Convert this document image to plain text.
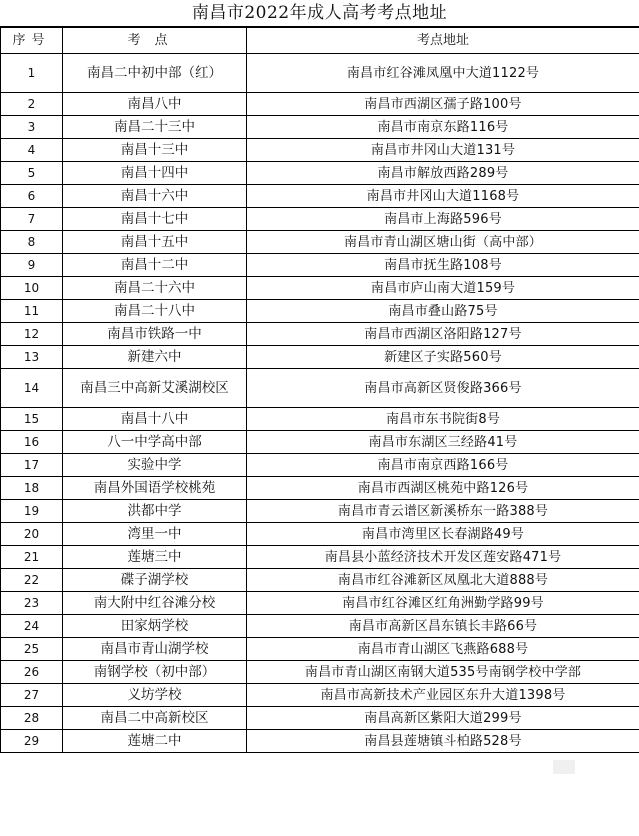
南昌市2022年成人高考考点地址
序号	考点	考点地址
1	南昌二中初中部（红）	南昌市红谷滩凤凰中大道1122号
2	南昌八中	南昌市西湖区孺子路100号
3	南昌二十三中	南昌市南京东路116号
4	南昌十三中	南昌市井冈山大道131号
5	南昌十四中	南昌市解放西路289号
6	南昌十六中	南昌市井冈山大道1168号
7	南昌十七中	南昌市上海路596号
8	南昌十五中	南昌市青山湖区塘山街（高中部）
9	南昌十二中	南昌市抚生路108号
10	南昌二十六中	南昌市庐山南大道159号
11	南昌二十八中	南昌市叠山路75号
12	南昌市铁路一中	南昌市西湖区洛阳路127号
13	新建六中	新建区子实路560号
14	南昌三中高新艾溪湖校区	南昌市高新区贤俊路366号
15	南昌十八中	南昌市东书院街8号
16	八一中学高中部	南昌市东湖区三经路41号
17	实验中学	南昌市南京西路166号
18	南昌外国语学校桃苑	南昌市西湖区桃苑中路126号
19	洪都中学	南昌市青云谱区新溪桥东一路388号
20	湾里一中	南昌市湾里区长春湖路49号
21	莲塘三中	南昌县小蓝经济技术开发区莲安路471号
22	碟子湖学校	南昌市红谷滩新区凤凰北大道888号
23	南大附中红谷滩分校	南昌市红谷滩区红角洲勤学路99号
24	田家炳学校	南昌市高新区昌东镇长丰路66号
25	南昌市青山湖学校	南昌市青山湖区飞燕路688号
26	南钢学校（初中部）	南昌市青山湖区南钢大道535号南钢学校中学部
27	义坊学校	南昌市高新技术产业园区东升大道1398号
28	南昌二中高新校区	南昌高新区紫阳大道299号
29	莲塘二中	南昌县莲塘镇斗柏路528号
